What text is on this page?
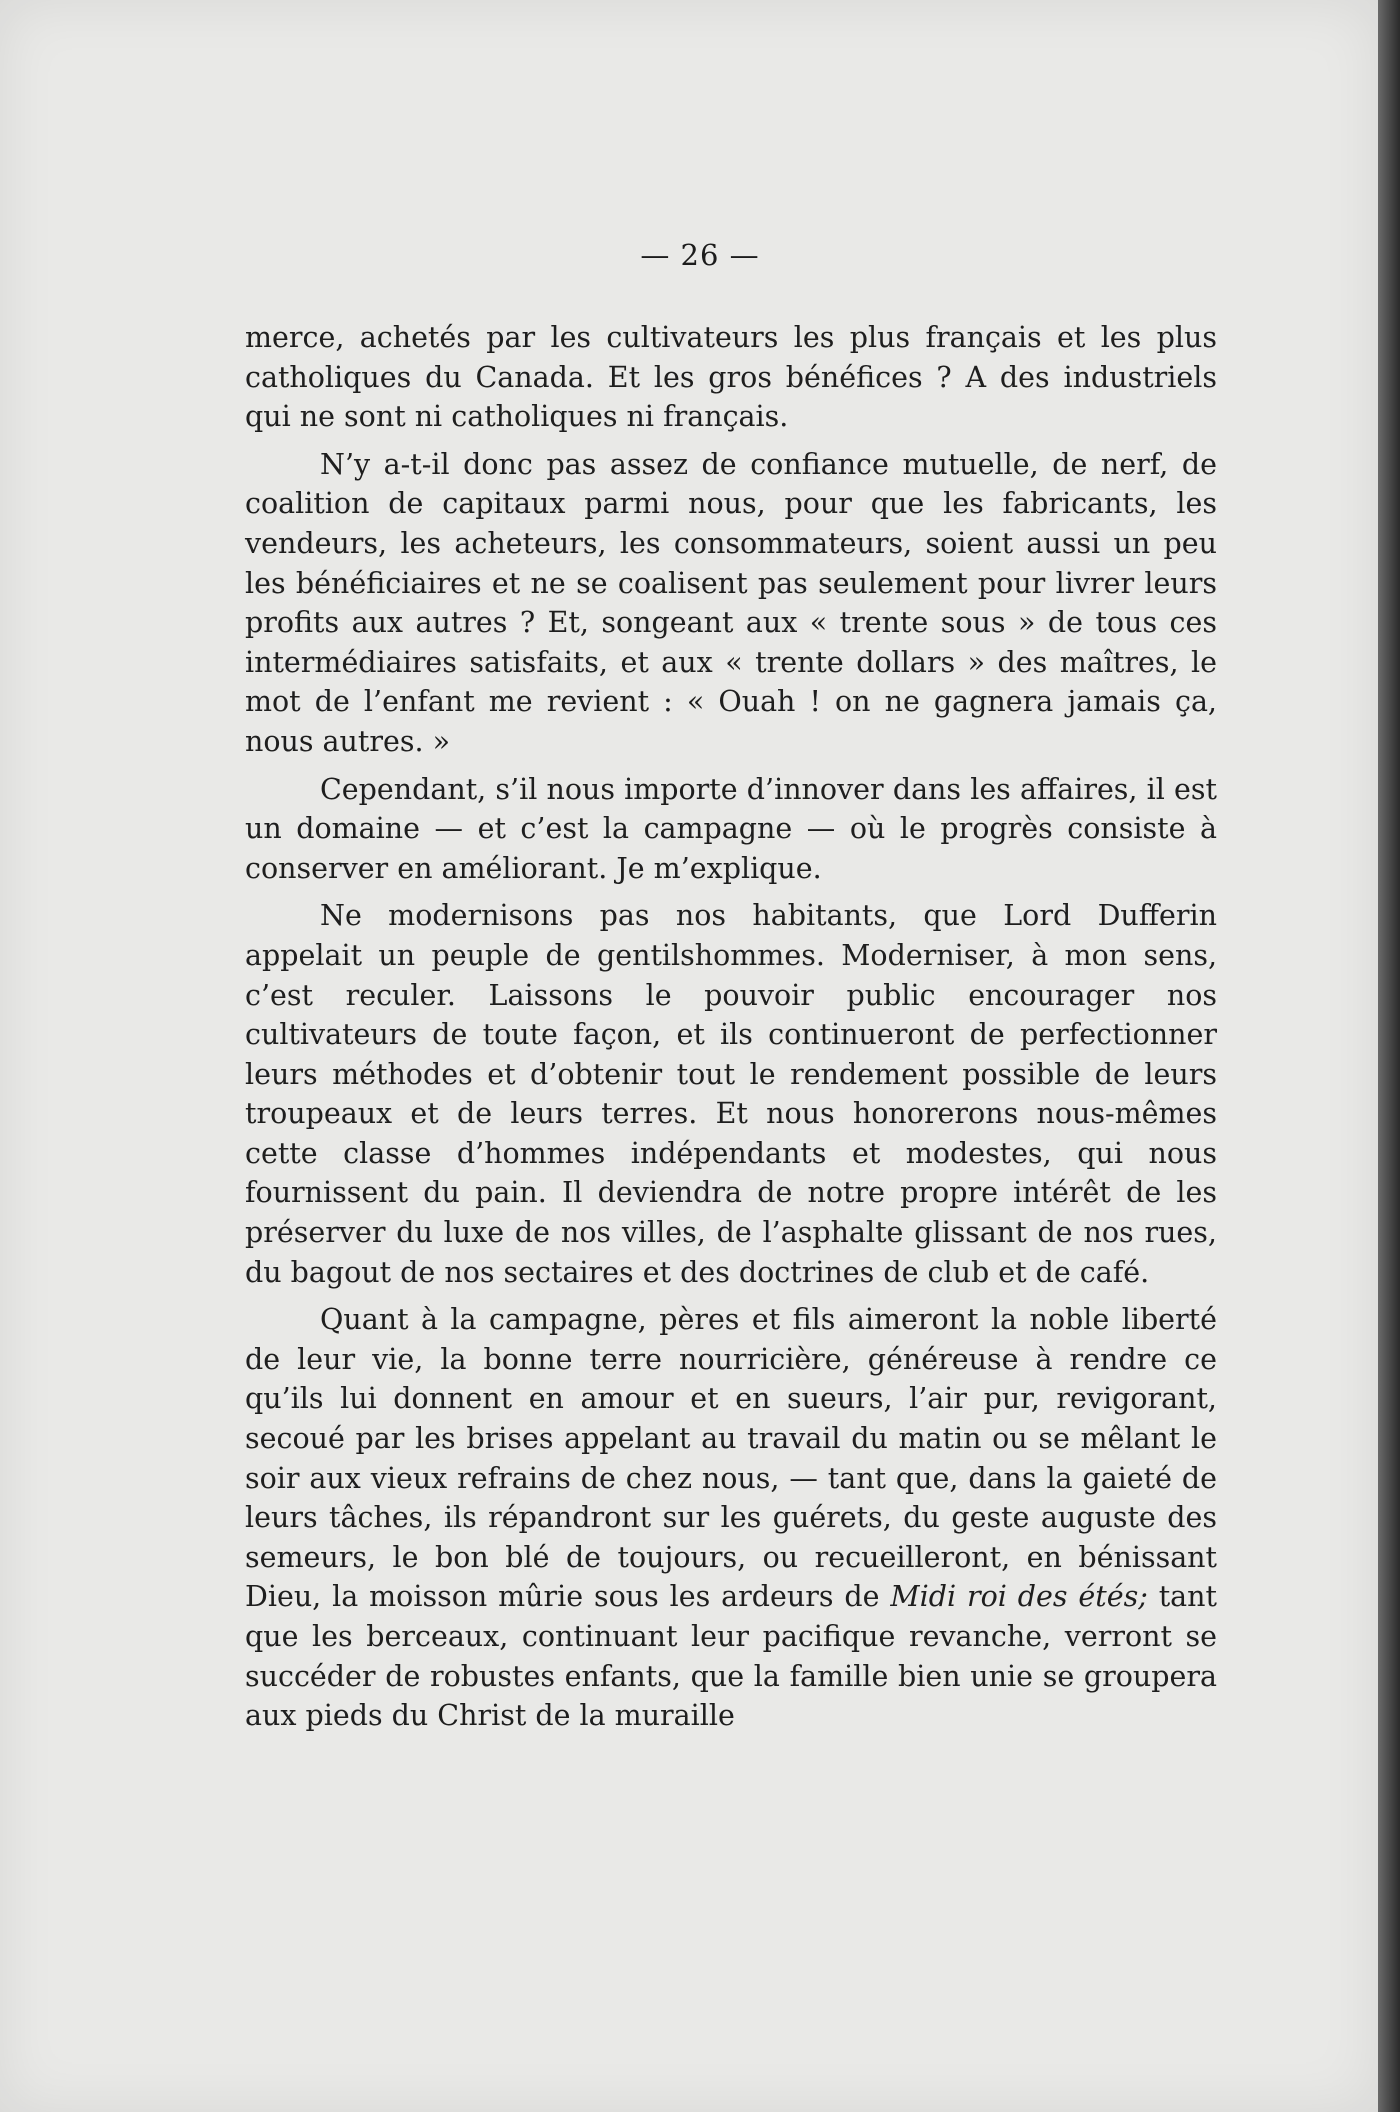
— 26 —

merce, achetés par les cultivateurs les plus français et les plus catholiques du Canada. Et les gros bénéfices ? A des industriels qui ne sont ni catholiques ni français.

N’y a-t-il donc pas assez de confiance mutuelle, de nerf, de coalition de capitaux parmi nous, pour que les fabricants, les vendeurs, les acheteurs, les consommateurs, soient aussi un peu les bénéficiaires et ne se coalisent pas seulement pour livrer leurs profits aux autres ? Et, songeant aux « trente sous » de tous ces intermédiaires satisfaits, et aux « trente dollars » des maîtres, le mot de l’enfant me revient : « Ouah ! on ne gagnera jamais ça, nous autres. »

Cependant, s’il nous importe d’innover dans les affaires, il est un domaine — et c’est la campagne — où le progrès consiste à conserver en améliorant. Je m’explique.

Ne modernisons pas nos habitants, que Lord Dufferin appelait un peuple de gentilshommes. Moderniser, à mon sens, c’est reculer. Laissons le pouvoir public encourager nos cultivateurs de toute façon, et ils continueront de perfectionner leurs méthodes et d’obtenir tout le rendement possible de leurs troupeaux et de leurs terres. Et nous honorerons nous-mêmes cette classe d’hommes indépendants et modestes, qui nous fournissent du pain. Il deviendra de notre propre intérêt de les préserver du luxe de nos villes, de l’asphalte glissant de nos rues, du bagout de nos sectaires et des doctrines de club et de café.

Quant à la campagne, pères et fils aimeront la noble liberté de leur vie, la bonne terre nourricière, généreuse à rendre ce qu’ils lui donnent en amour et en sueurs, l’air pur, revigorant, secoué par les brises appelant au travail du matin ou se mêlant le soir aux vieux refrains de chez nous, — tant que, dans la gaieté de leurs tâches, ils répandront sur les guérets, du geste auguste des semeurs, le bon blé de toujours, ou recueilleront, en bénissant Dieu, la moisson mûrie sous les ardeurs de Midi roi des étés; tant que les berceaux, continuant leur pacifique revanche, verront se succéder de robustes enfants, que la famille bien unie se groupera aux pieds du Christ de la muraille
